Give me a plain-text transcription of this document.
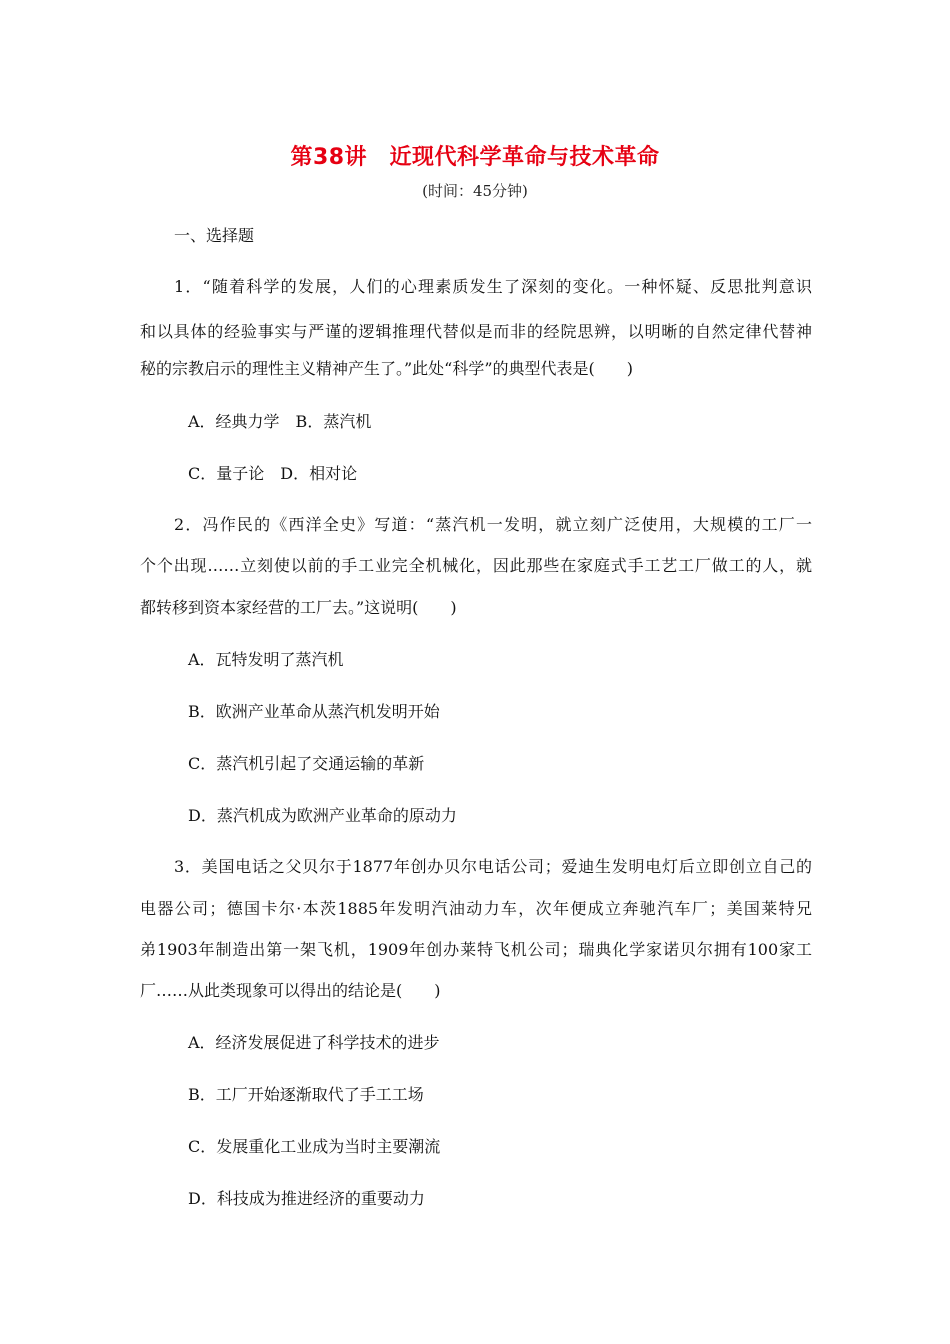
第38讲　近现代科学革命与技术革命
(时间：45分钟)
一、选择题
1．“随着科学的发展，人们的心理素质发生了深刻的变化。一种怀疑、反思批判意识
和以具体的经验事实与严谨的逻辑推理代替似是而非的经院思辨，以明晰的自然定律代替神
秘的宗教启示的理性主义精神产生了。”此处“科学”的典型代表是(　　)
A．经典力学　B．蒸汽机
C．量子论　D．相对论
2．冯作民的《西洋全史》写道：“蒸汽机一发明，就立刻广泛使用，大规模的工厂一
个个出现……立刻使以前的手工业完全机械化，因此那些在家庭式手工艺工厂做工的人，就
都转移到资本家经营的工厂去。”这说明(　　)
A．瓦特发明了蒸汽机
B．欧洲产业革命从蒸汽机发明开始
C．蒸汽机引起了交通运输的革新
D．蒸汽机成为欧洲产业革命的原动力
3．美国电话之父贝尔于1877年创办贝尔电话公司；爱迪生发明电灯后立即创立自己的
电器公司；德国卡尔·本茨1885年发明汽油动力车，次年便成立奔驰汽车厂；美国莱特兄
弟1903年制造出第一架飞机，1909年创办莱特飞机公司；瑞典化学家诺贝尔拥有100家工
厂……从此类现象可以得出的结论是(　　)
A．经济发展促进了科学技术的进步
B．工厂开始逐渐取代了手工工场
C．发展重化工业成为当时主要潮流
D．科技成为推进经济的重要动力
